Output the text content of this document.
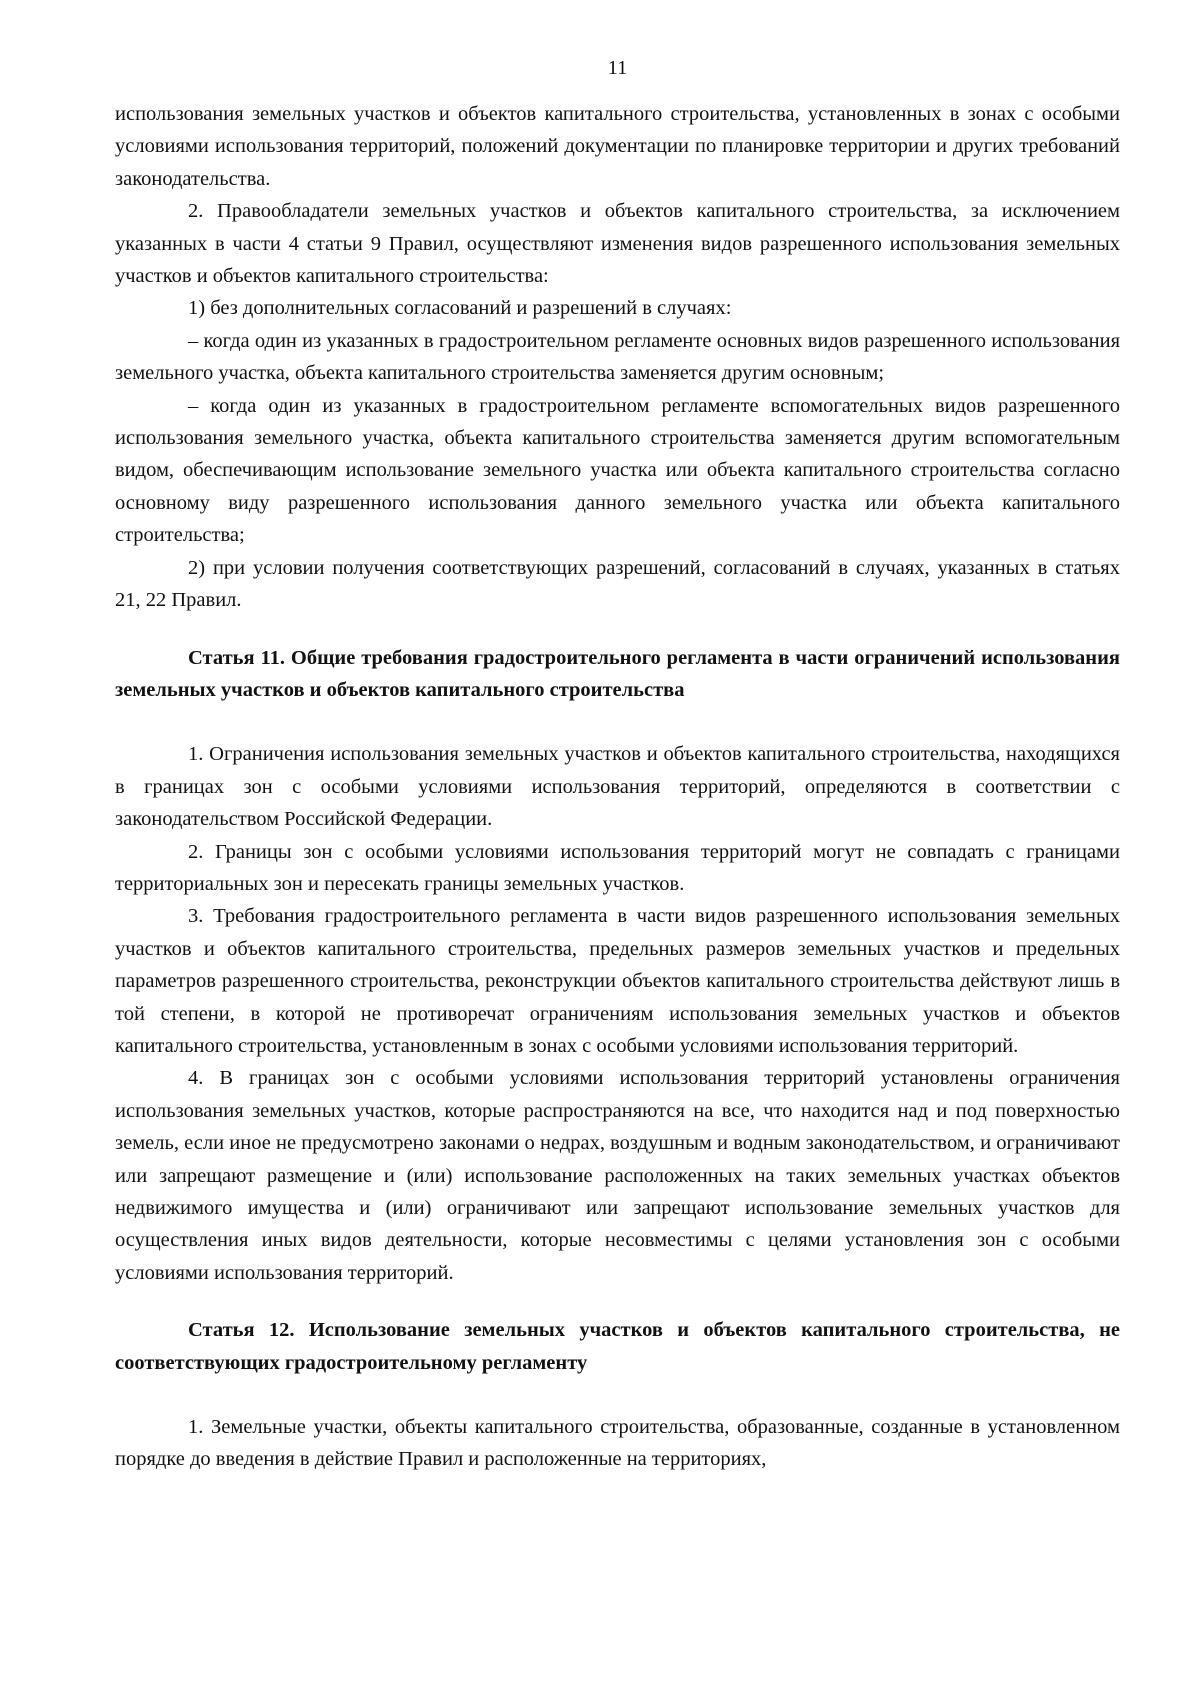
11

использования земельных участков и объектов капитального строительства, установленных в зонах с особыми условиями использования территорий, положений документации по планировке территории и других требований законодательства.

2. Правообладатели земельных участков и объектов капитального строительства, за исключением указанных в части 4 статьи 9 Правил, осуществляют изменения видов разрешенного использования земельных участков и объектов капитального строительства:

1) без дополнительных согласований и разрешений в случаях:

– когда один из указанных в градостроительном регламенте основных видов разрешенного использования земельного участка, объекта капитального строительства заменяется другим основным;

– когда один из указанных в градостроительном регламенте вспомогательных видов разрешенного использования земельного участка, объекта капитального строительства заменяется другим вспомогательным видом, обеспечивающим использование земельного участка или объекта капитального строительства согласно основному виду разрешенного использования данного земельного участка или объекта капитального строительства;

2) при условии получения соответствующих разрешений, согласований в случаях, указанных в статьях 21, 22 Правил.

Статья 11. Общие требования градостроительного регламента в части ограничений использования земельных участков и объектов капитального строительства

1. Ограничения использования земельных участков и объектов капитального строительства, находящихся в границах зон с особыми условиями использования территорий, определяются в соответствии с законодательством Российской Федерации.

2. Границы зон с особыми условиями использования территорий могут не совпадать с границами территориальных зон и пересекать границы земельных участков.

3. Требования градостроительного регламента в части видов разрешенного использования земельных участков и объектов капитального строительства, предельных размеров земельных участков и предельных параметров разрешенного строительства, реконструкции объектов капитального строительства действуют лишь в той степени, в которой не противоречат ограничениям использования земельных участков и объектов капитального строительства, установленным в зонах с особыми условиями использования территорий.

4. В границах зон с особыми условиями использования территорий установлены ограничения использования земельных участков, которые распространяются на все, что находится над и под поверхностью земель, если иное не предусмотрено законами о недрах, воздушным и водным законодательством, и ограничивают или запрещают размещение и (или) использование расположенных на таких земельных участках объектов недвижимого имущества и (или) ограничивают или запрещают использование земельных участков для осуществления иных видов деятельности, которые несовместимы с целями установления зон с особыми условиями использования территорий.

Статья 12. Использование земельных участков и объектов капитального строительства, не соответствующих градостроительному регламенту

1. Земельные участки, объекты капитального строительства, образованные, созданные в установленном порядке до введения в действие Правил и расположенные на территориях,
